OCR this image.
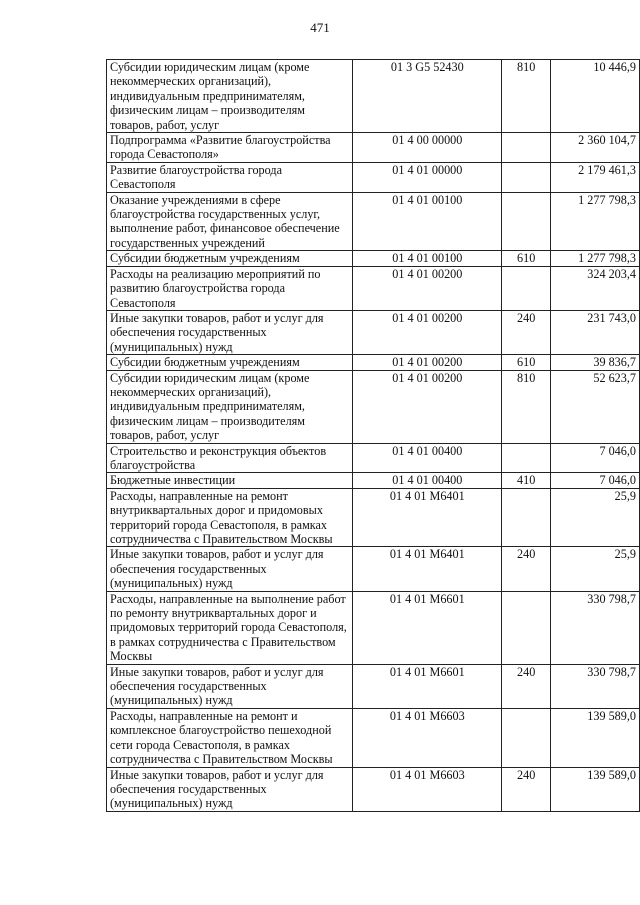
471
Субсидии юридическим лицам (кроме некоммерческих организаций), индивидуальным предпринимателям, физическим лицам – производителям товаров, работ, услуг	01 3 G5 52430	810	10 446,9
Подпрограмма «Развитие благоустройства города Севастополя»	01 4 00 00000		2 360 104,7
Развитие благоустройства города Севастополя	01 4 01 00000		2 179 461,3
Оказание учреждениями в сфере благоустройства государственных услуг, выполнение работ, финансовое обеспечение государственных учреждений	01 4 01 00100		1 277 798,3
Субсидии бюджетным учреждениям	01 4 01 00100	610	1 277 798,3
Расходы на реализацию мероприятий по развитию благоустройства города Севастополя	01 4 01 00200		324 203,4
Иные закупки товаров, работ и услуг для обеспечения государственных (муниципальных) нужд	01 4 01 00200	240	231 743,0
Субсидии бюджетным учреждениям	01 4 01 00200	610	39 836,7
Субсидии юридическим лицам (кроме некоммерческих организаций), индивидуальным предпринимателям, физическим лицам – производителям товаров, работ, услуг	01 4 01 00200	810	52 623,7
Строительство и реконструкция объектов благоустройства	01 4 01 00400		7 046,0
Бюджетные инвестиции	01 4 01 00400	410	7 046,0
Расходы, направленные на ремонт внутриквартальных дорог и придомовых территорий города Севастополя, в рамках сотрудничества с Правительством Москвы	01 4 01 М6401		25,9
Иные закупки товаров, работ и услуг для обеспечения государственных (муниципальных) нужд	01 4 01 М6401	240	25,9
Расходы, направленные на выполнение работ по ремонту внутриквартальных дорог и придомовых территорий города Севастополя, в рамках сотрудничества с Правительством Москвы	01 4 01 М6601		330 798,7
Иные закупки товаров, работ и услуг для обеспечения государственных (муниципальных) нужд	01 4 01 М6601	240	330 798,7
Расходы, направленные на ремонт и комплексное благоустройство пешеходной сети города Севастополя, в рамках сотрудничества с Правительством Москвы	01 4 01 М6603		139 589,0
Иные закупки товаров, работ и услуг для обеспечения государственных (муниципальных) нужд	01 4 01 М6603	240	139 589,0
